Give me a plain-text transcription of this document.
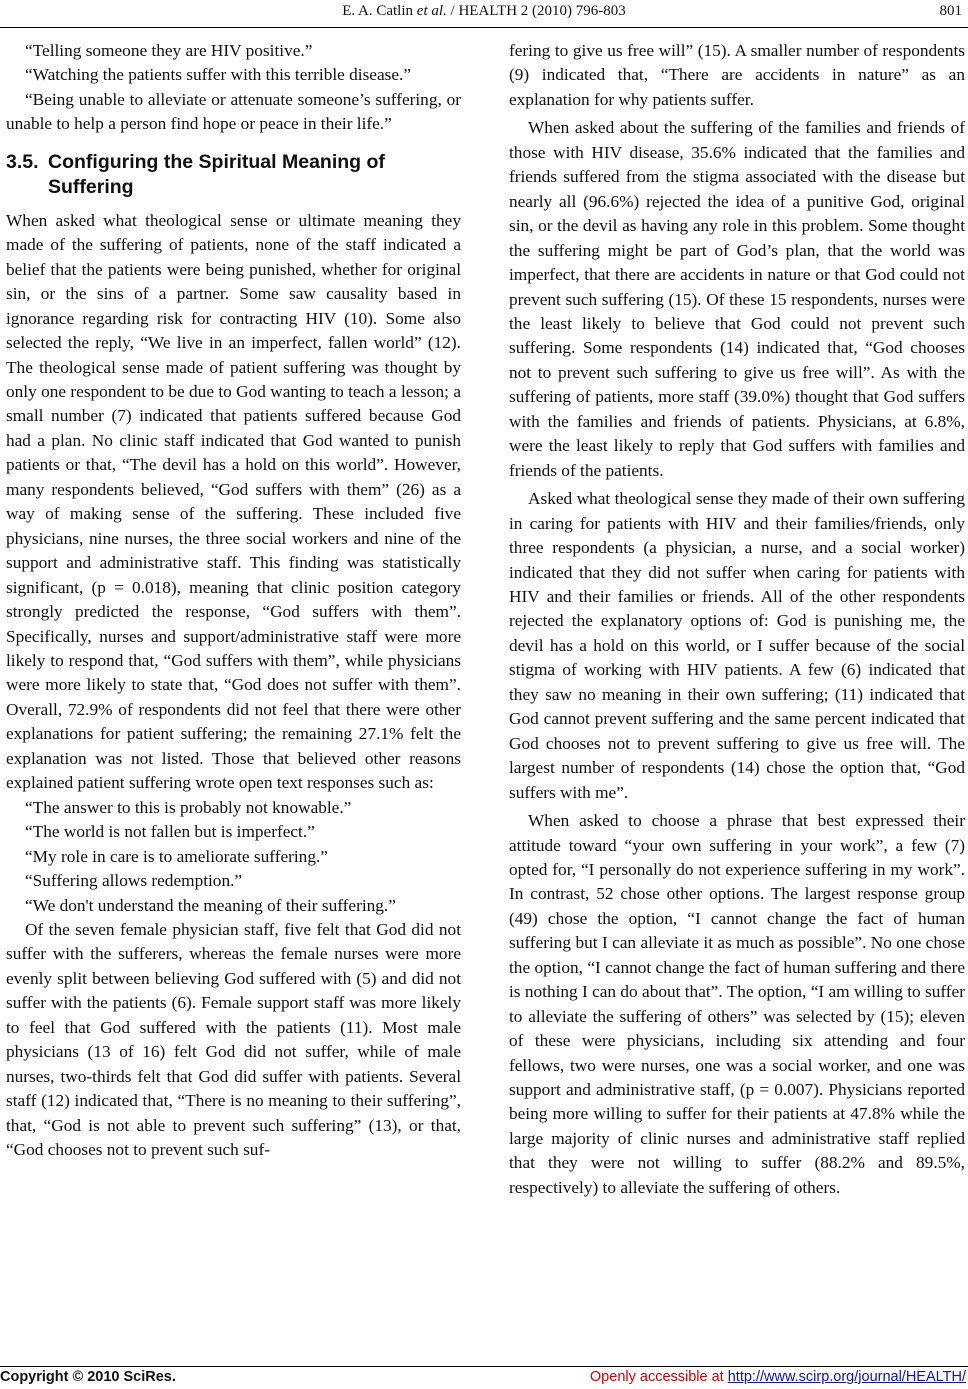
E. A. Catlin et al. / HEALTH 2 (2010) 796-803	801

“Telling someone they are HIV positive.”

“Watching the patients suffer with this terrible disease.”

“Being unable to alleviate or attenuate someone’s suffering, or unable to help a person find hope or peace in their life.”

3.5. Configuring the Spiritual Meaning of Suffering

When asked what theological sense or ultimate meaning they made of the suffering of patients, none of the staff indicated a belief that the patients were being punished, whether for original sin, or the sins of a partner. Some saw causality based in ignorance regarding risk for contracting HIV (10). Some also selected the reply, “We live in an imperfect, fallen world” (12). The theological sense made of patient suffering was thought by only one respondent to be due to God wanting to teach a lesson; a small number (7) indicated that patients suffered because God had a plan. No clinic staff indicated that God wanted to punish patients or that, “The devil has a hold on this world”. However, many respondents believed, “God suffers with them” (26) as a way of making sense of the suffering. These included five physicians, nine nurses, the three social workers and nine of the support and administrative staff. This finding was statistically significant, (p = 0.018), meaning that clinic position category strongly predicted the response, “God suffers with them”. Specifically, nurses and support/administrative staff were more likely to respond that, “God suffers with them”, while physicians were more likely to state that, “God does not suffer with them”. Overall, 72.9% of respondents did not feel that there were other explanations for patient suffering; the remaining 27.1% felt the explanation was not listed. Those that believed other reasons explained patient suffering wrote open text responses such as:

“The answer to this is probably not knowable.”

“The world is not fallen but is imperfect.”

“My role in care is to ameliorate suffering.”

“Suffering allows redemption.”

“We don't understand the meaning of their suffering.”

Of the seven female physician staff, five felt that God did not suffer with the sufferers, whereas the female nurses were more evenly split between believing God suffered with (5) and did not suffer with the patients (6). Female support staff was more likely to feel that God suffered with the patients (11). Most male physicians (13 of 16) felt God did not suffer, while of male nurses, two-thirds felt that God did suffer with patients. Several staff (12) indicated that, “There is no meaning to their suffering”, that, “God is not able to prevent such suffering” (13), or that, “God chooses not to prevent such suf-

fering to give us free will” (15). A smaller number of respondents (9) indicated that, “There are accidents in nature” as an explanation for why patients suffer.

When asked about the suffering of the families and friends of those with HIV disease, 35.6% indicated that the families and friends suffered from the stigma associated with the disease but nearly all (96.6%) rejected the idea of a punitive God, original sin, or the devil as having any role in this problem. Some thought the suffering might be part of God’s plan, that the world was imperfect, that there are accidents in nature or that God could not prevent such suffering (15). Of these 15 respondents, nurses were the least likely to believe that God could not prevent such suffering. Some respondents (14) indicated that, “God chooses not to prevent such suffering to give us free will”. As with the suffering of patients, more staff (39.0%) thought that God suffers with the families and friends of patients. Physicians, at 6.8%, were the least likely to reply that God suffers with families and friends of the patients.

Asked what theological sense they made of their own suffering in caring for patients with HIV and their families/friends, only three respondents (a physician, a nurse, and a social worker) indicated that they did not suffer when caring for patients with HIV and their families or friends. All of the other respondents rejected the explanatory options of: God is punishing me, the devil has a hold on this world, or I suffer because of the social stigma of working with HIV patients. A few (6) indicated that they saw no meaning in their own suffering; (11) indicated that God cannot prevent suffering and the same percent indicated that God chooses not to prevent suffering to give us free will. The largest number of respondents (14) chose the option that, “God suffers with me”.

When asked to choose a phrase that best expressed their attitude toward “your own suffering in your work”, a few (7) opted for, “I personally do not experience suffering in my work”. In contrast, 52 chose other options. The largest response group (49) chose the option, “I cannot change the fact of human suffering but I can alleviate it as much as possible”. No one chose the option, “I cannot change the fact of human suffering and there is nothing I can do about that”. The option, “I am willing to suffer to alleviate the suffering of others” was selected by (15); eleven of these were physicians, including six attending and four fellows, two were nurses, one was a social worker, and one was support and administrative staff, (p = 0.007). Physicians reported being more willing to suffer for their patients at 47.8% while the large majority of clinic nurses and administrative staff replied that they were not willing to suffer (88.2% and 89.5%, respectively) to alleviate the suffering of others.

Copyright © 2010 SciRes.	Openly accessible at http://www.scirp.org/journal/HEALTH/
